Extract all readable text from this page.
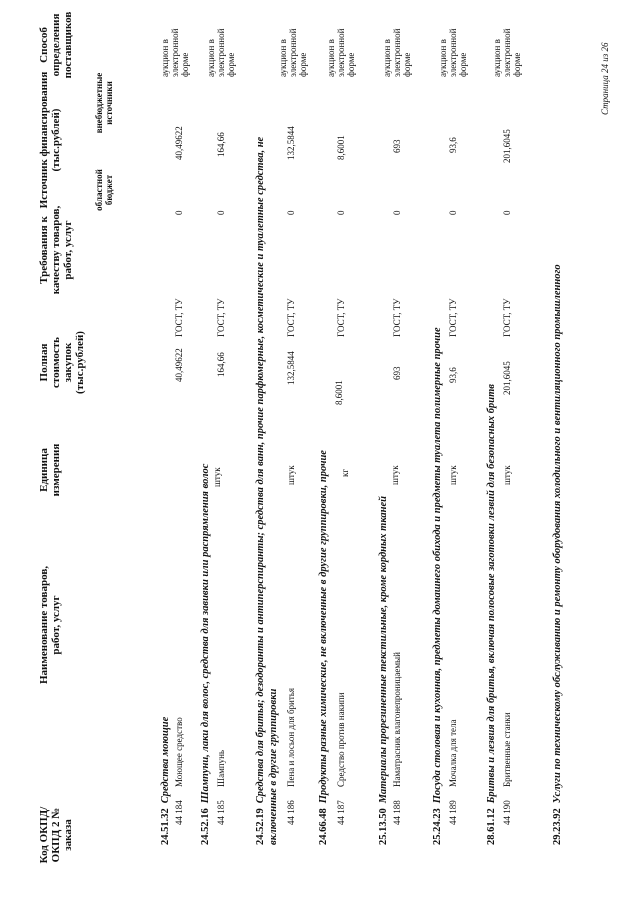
Код ОКПД/ ОКПД 2 № заказа
Наименование товаров, работ, услуг
Единица измерения
Полная стоимость закупок (тыс.рублей)
Требования к качеству товаров, работ, услуг
Источник финансирования (тыс.рублей)
областной бюджет
внебюджетные источники
Способ определения поставщиков
24.51.32Средства моющие
44 184
Моющее средство
40,49622
ГОСТ, ТУ
0
40,49622
аукцион в электронной форме
24.52.16Шампуни, лаки для волос, средства для завивки или распрямления волос
44 185
Шампунь
штук
164,66
ГОСТ, ТУ
0
164,66
аукцион в электронной форме
24.52.19Средства для бритья; дезодоранты и антиперспиранты; средства для ванн, прочие парфюмерные, косметические и туалетные средства, не включенные в другие группировки 44 186
Пена и лосьон для бритья
штук
132,5844
ГОСТ, ТУ
0
132,5844
аукцион в электронной форме
24.66.48Продукты разные химические, не включенные в другие группировки, прочие
44 187
Средство против накипи
кг
8,6001
ГОСТ, ТУ
0
8,6001
аукцион в электронной форме
25.13.50Материалы прорезиненные текстильные, кроме кордных тканей
44 188
Наматрасник влагонепроницаемый
штук
693
ГОСТ, ТУ
0
693
аукцион в электронной форме
25.24.23Посуда столовая и кухонная, предметы домашнего обихода и предметы туалета полимерные прочие
44 189
Мочалка для тела
штук
93,6
ГОСТ, ТУ
0
93,6
аукцион в электронной форме
28.61.12Бритвы и лезвия для бритья, включая полосовые заготовки лезвий для безопасных бритв
44 190
Бритвенные станки
штук
201,6045
ГОСТ, ТУ
0
201,6045
аукцион в электронной форме
29.23.92Услуги по техническому обслуживанию и ремонту оборудования холодильного и вентиляционного промышленного
Страница 24 из 26
